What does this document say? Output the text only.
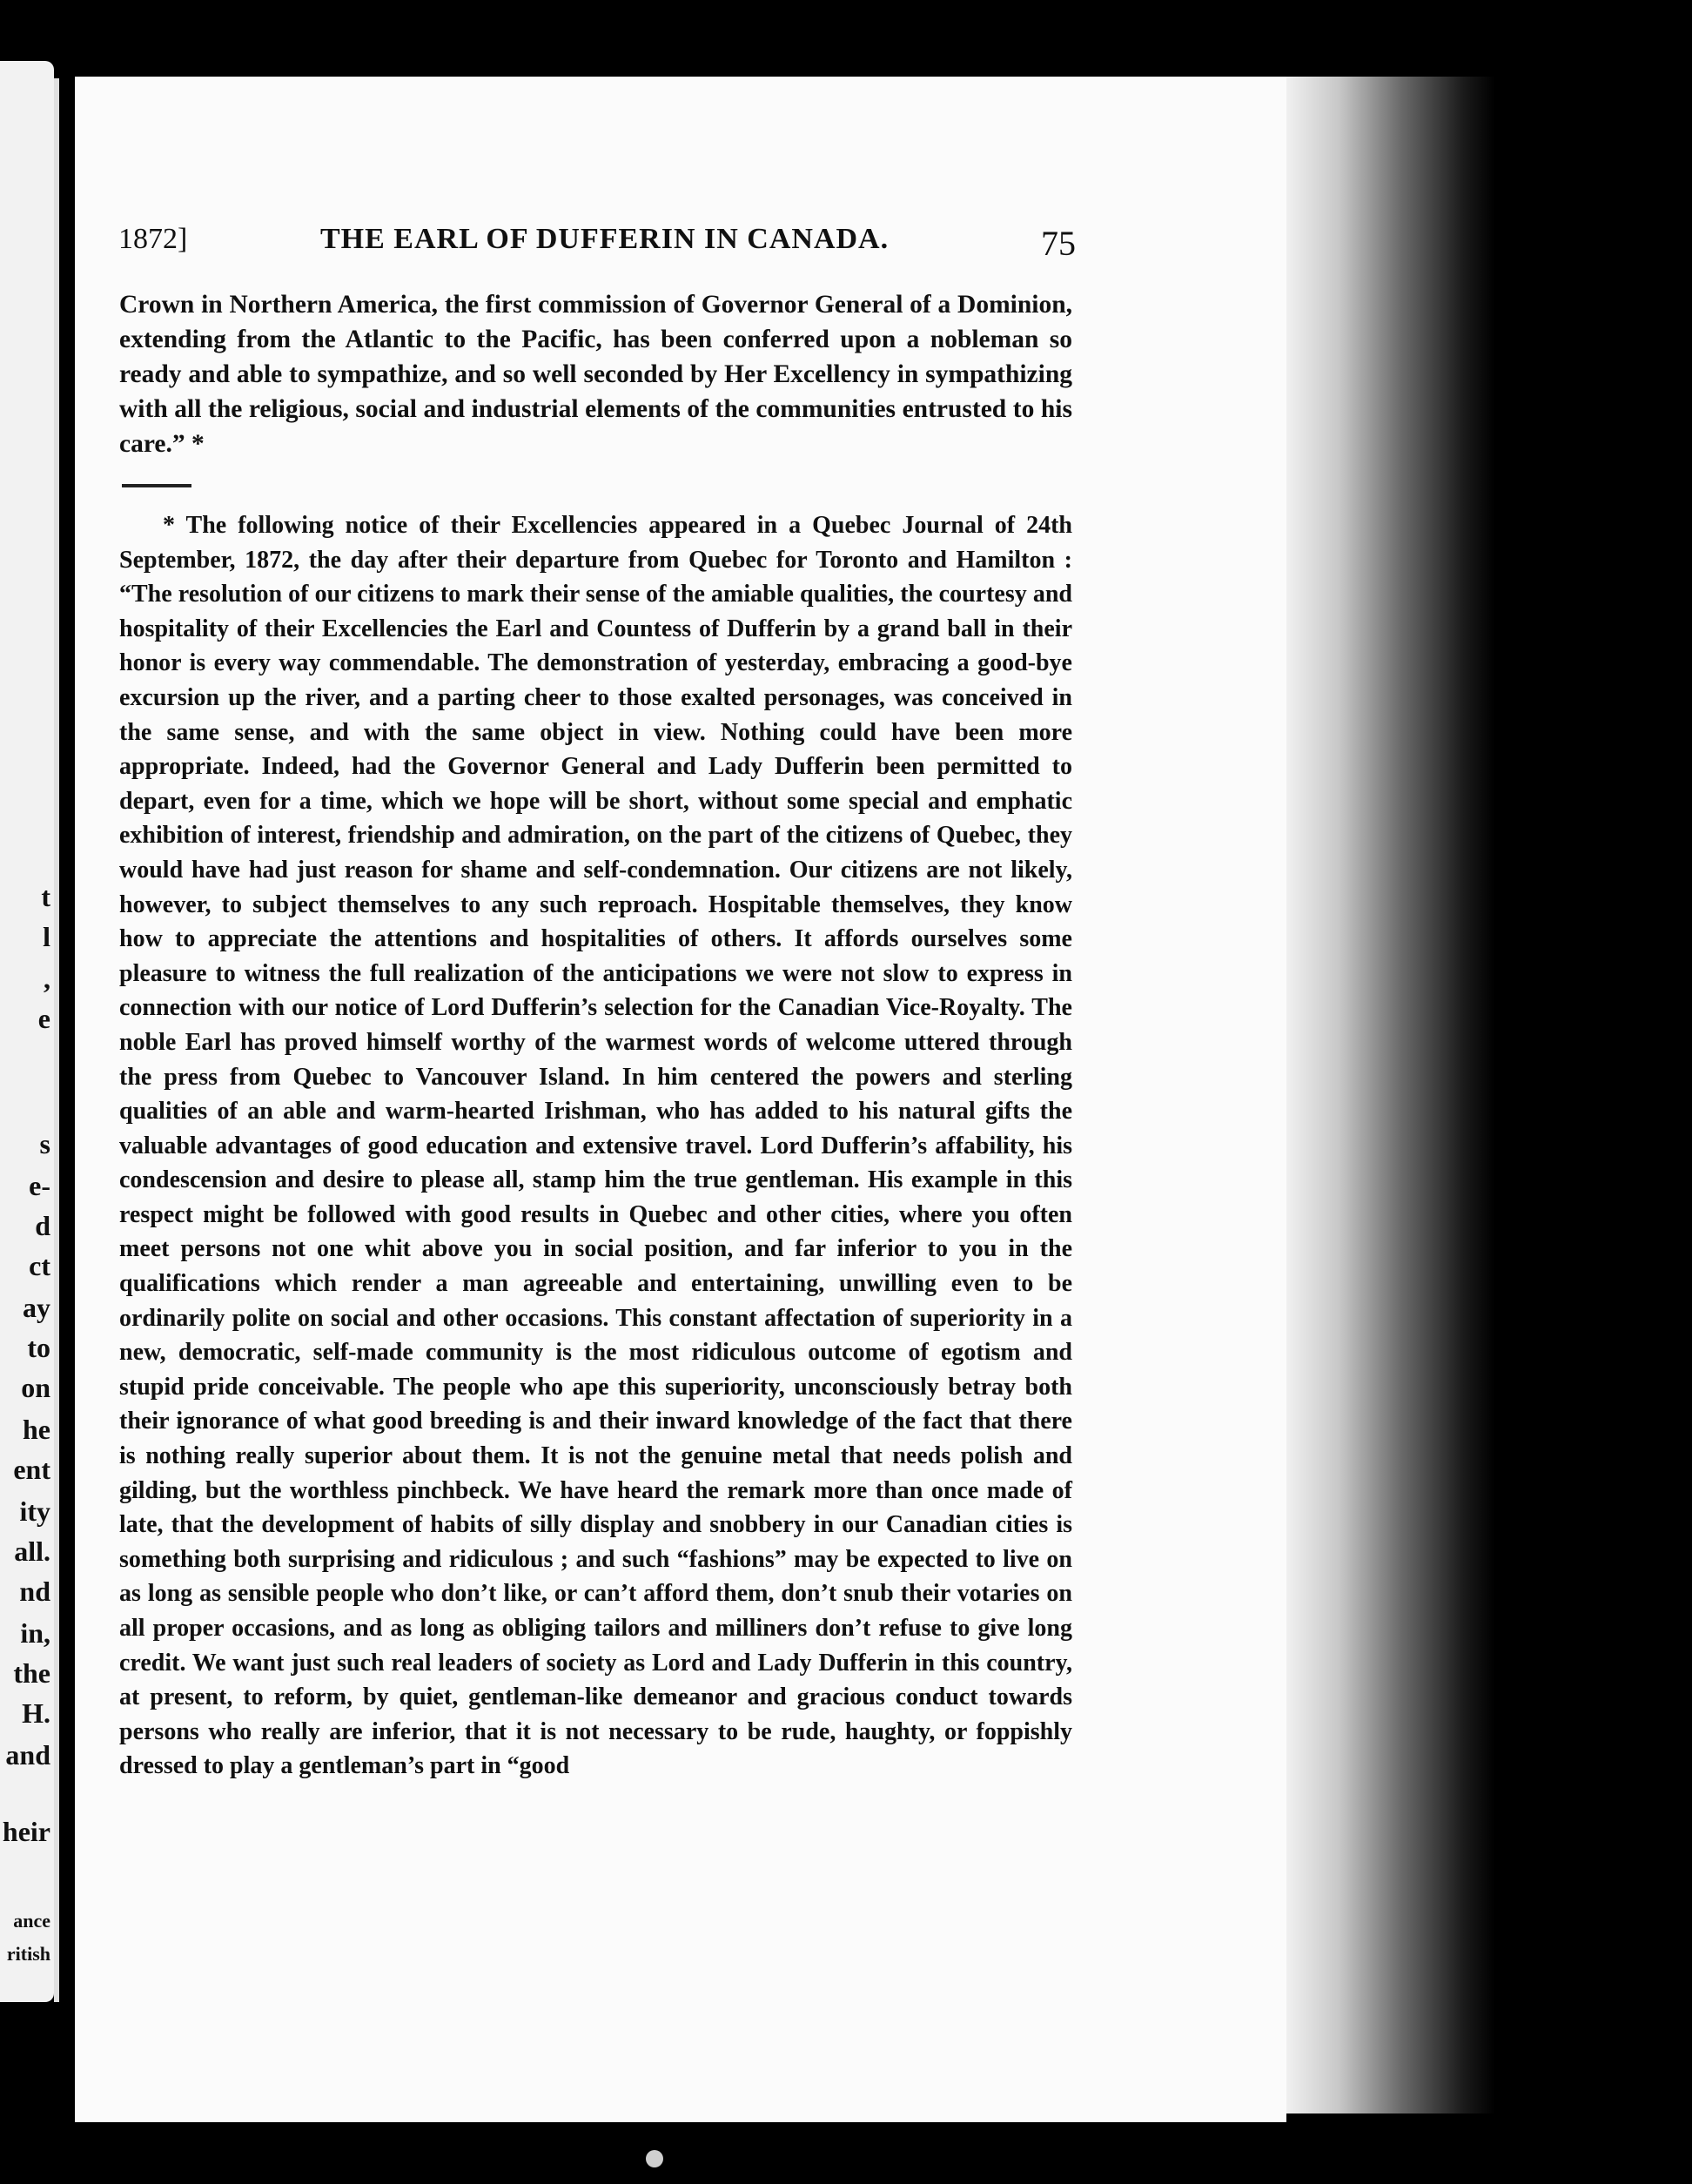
t
l
,
e
s
e-
d
ct
ay
to
on
he
ent
ity
all.
nd
in,
the
H.
and
heir
ance
ritish
1872]	THE EARL OF DUFFERIN IN CANADA.	75

Crown in Northern America, the first commission of Governor General of a Dominion, extending from the Atlantic to the Pacific, has been conferred upon a nobleman so ready and able to sympathize, and so well seconded by Her Excellency in sympathizing with all the religious, social and industrial elements of the communities entrusted to his care.” *

* The following notice of their Excellencies appeared in a Quebec Journal of 24th September, 1872, the day after their departure from Quebec for Toronto and Hamilton : “The resolution of our citizens to mark their sense of the amiable qualities, the courtesy and hospitality of their Excellencies the Earl and Countess of Dufferin by a grand ball in their honor is every way commendable. The demonstration of yesterday, embracing a good-bye excursion up the river, and a parting cheer to those exalted personages, was conceived in the same sense, and with the same object in view. Nothing could have been more appropriate. Indeed, had the Governor General and Lady Dufferin been permitted to depart, even for a time, which we hope will be short, without some special and emphatic exhibition of interest, friendship and admiration, on the part of the citizens of Quebec, they would have had just reason for shame and self-condemnation. Our citizens are not likely, however, to subject themselves to any such reproach. Hospitable themselves, they know how to appreciate the attentions and hospitalities of others. It affords ourselves some pleasure to witness the full realization of the anticipations we were not slow to express in connection with our notice of Lord Dufferin’s selection for the Canadian Vice-Royalty. The noble Earl has proved himself worthy of the warmest words of welcome uttered through the press from Quebec to Vancouver Island. In him centered the powers and sterling qualities of an able and warm-hearted Irishman, who has added to his natural gifts the valuable advantages of good education and extensive travel. Lord Dufferin’s affability, his condescension and desire to please all, stamp him the true gentleman. His example in this respect might be followed with good results in Quebec and other cities, where you often meet persons not one whit above you in social position, and far inferior to you in the qualifications which render a man agreeable and entertaining, unwilling even to be ordinarily polite on social and other occasions. This constant affectation of superiority in a new, democratic, self-made community is the most ridiculous outcome of egotism and stupid pride conceivable. The people who ape this superiority, unconsciously betray both their ignorance of what good breeding is and their inward knowledge of the fact that there is nothing really superior about them. It is not the genuine metal that needs polish and gilding, but the worthless pinchbeck. We have heard the remark more than once made of late, that the development of habits of silly display and snobbery in our Canadian cities is something both surprising and ridiculous ; and such “fashions” may be expected to live on as long as sensible people who don’t like, or can’t afford them, don’t snub their votaries on all proper occasions, and as long as obliging tailors and milliners don’t refuse to give long credit. We want just such real leaders of society as Lord and Lady Dufferin in this country, at present, to reform, by quiet, gentleman-like demeanor and gracious conduct towards persons who really are inferior, that it is not necessary to be rude, haughty, or foppishly dressed to play a gentleman’s part in “good
